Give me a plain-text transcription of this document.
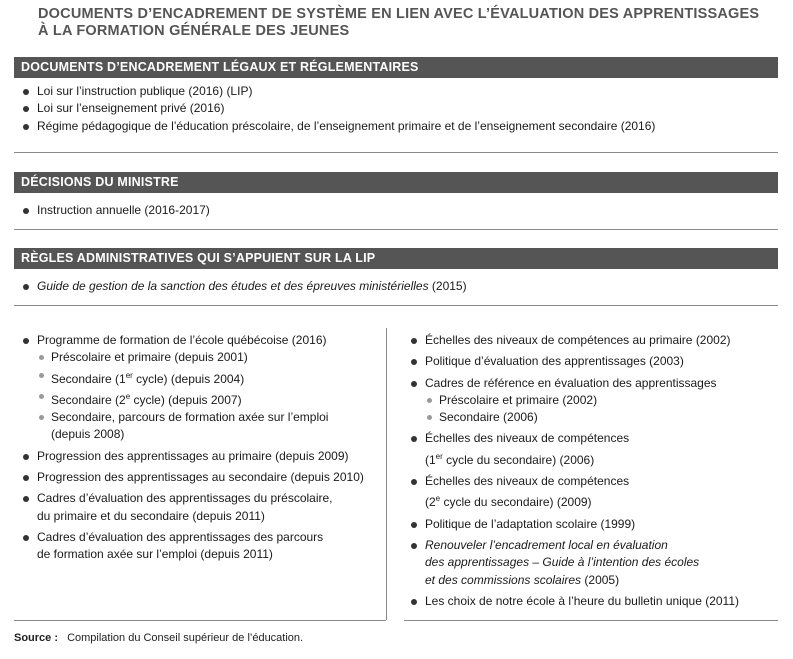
DOCUMENTS D’ENCADREMENT DE SYSTÈME EN LIEN AVEC L’ÉVALUATION DES APPRENTISSAGES
À LA FORMATION GÉNÉRALE DES JEUNES
DOCUMENTS D’ENCADREMENT LÉGAUX ET RÉGLEMENTAIRES
Loi sur l’instruction publique (2016) (LIP)
Loi sur l’enseignement privé (2016)
Régime pédagogique de l’éducation préscolaire, de l’enseignement primaire et de l’enseignement secondaire (2016)
DÉCISIONS DU MINISTRE
Instruction annuelle (2016-2017)
RÈGLES ADMINISTRATIVES QUI S’APPUIENT SUR LA LIP
Guide de gestion de la sanction des études et des épreuves ministérielles (2015)
Programme de formation de l’école québécoise (2016)
Préscolaire et primaire (depuis 2001)
Secondaire (1er cycle) (depuis 2004)
Secondaire (2e cycle) (depuis 2007)
Secondaire, parcours de formation axée sur l’emploi
(depuis 2008)
Progression des apprentissages au primaire (depuis 2009)
Progression des apprentissages au secondaire (depuis 2010)
Cadres d’évaluation des apprentissages du préscolaire,
du primaire et du secondaire (depuis 2011)
Cadres d’évaluation des apprentissages des parcours
de formation axée sur l’emploi (depuis 2011)
Échelles des niveaux de compétences au primaire (2002)
Politique d’évaluation des apprentissages (2003)
Cadres de référence en évaluation des apprentissages
Préscolaire et primaire (2002)
Secondaire (2006)
Échelles des niveaux de compétences
(1er cycle du secondaire) (2006)
Échelles des niveaux de compétences
(2e cycle du secondaire) (2009)
Politique de l’adaptation scolaire (1999)
Renouveler l’encadrement local en évaluation
des apprentissages – Guide à l’intention des écoles
et des commissions scolaires (2005)
Les choix de notre école à l’heure du bulletin unique (2011)
Source : Compilation du Conseil supérieur de l’éducation.
